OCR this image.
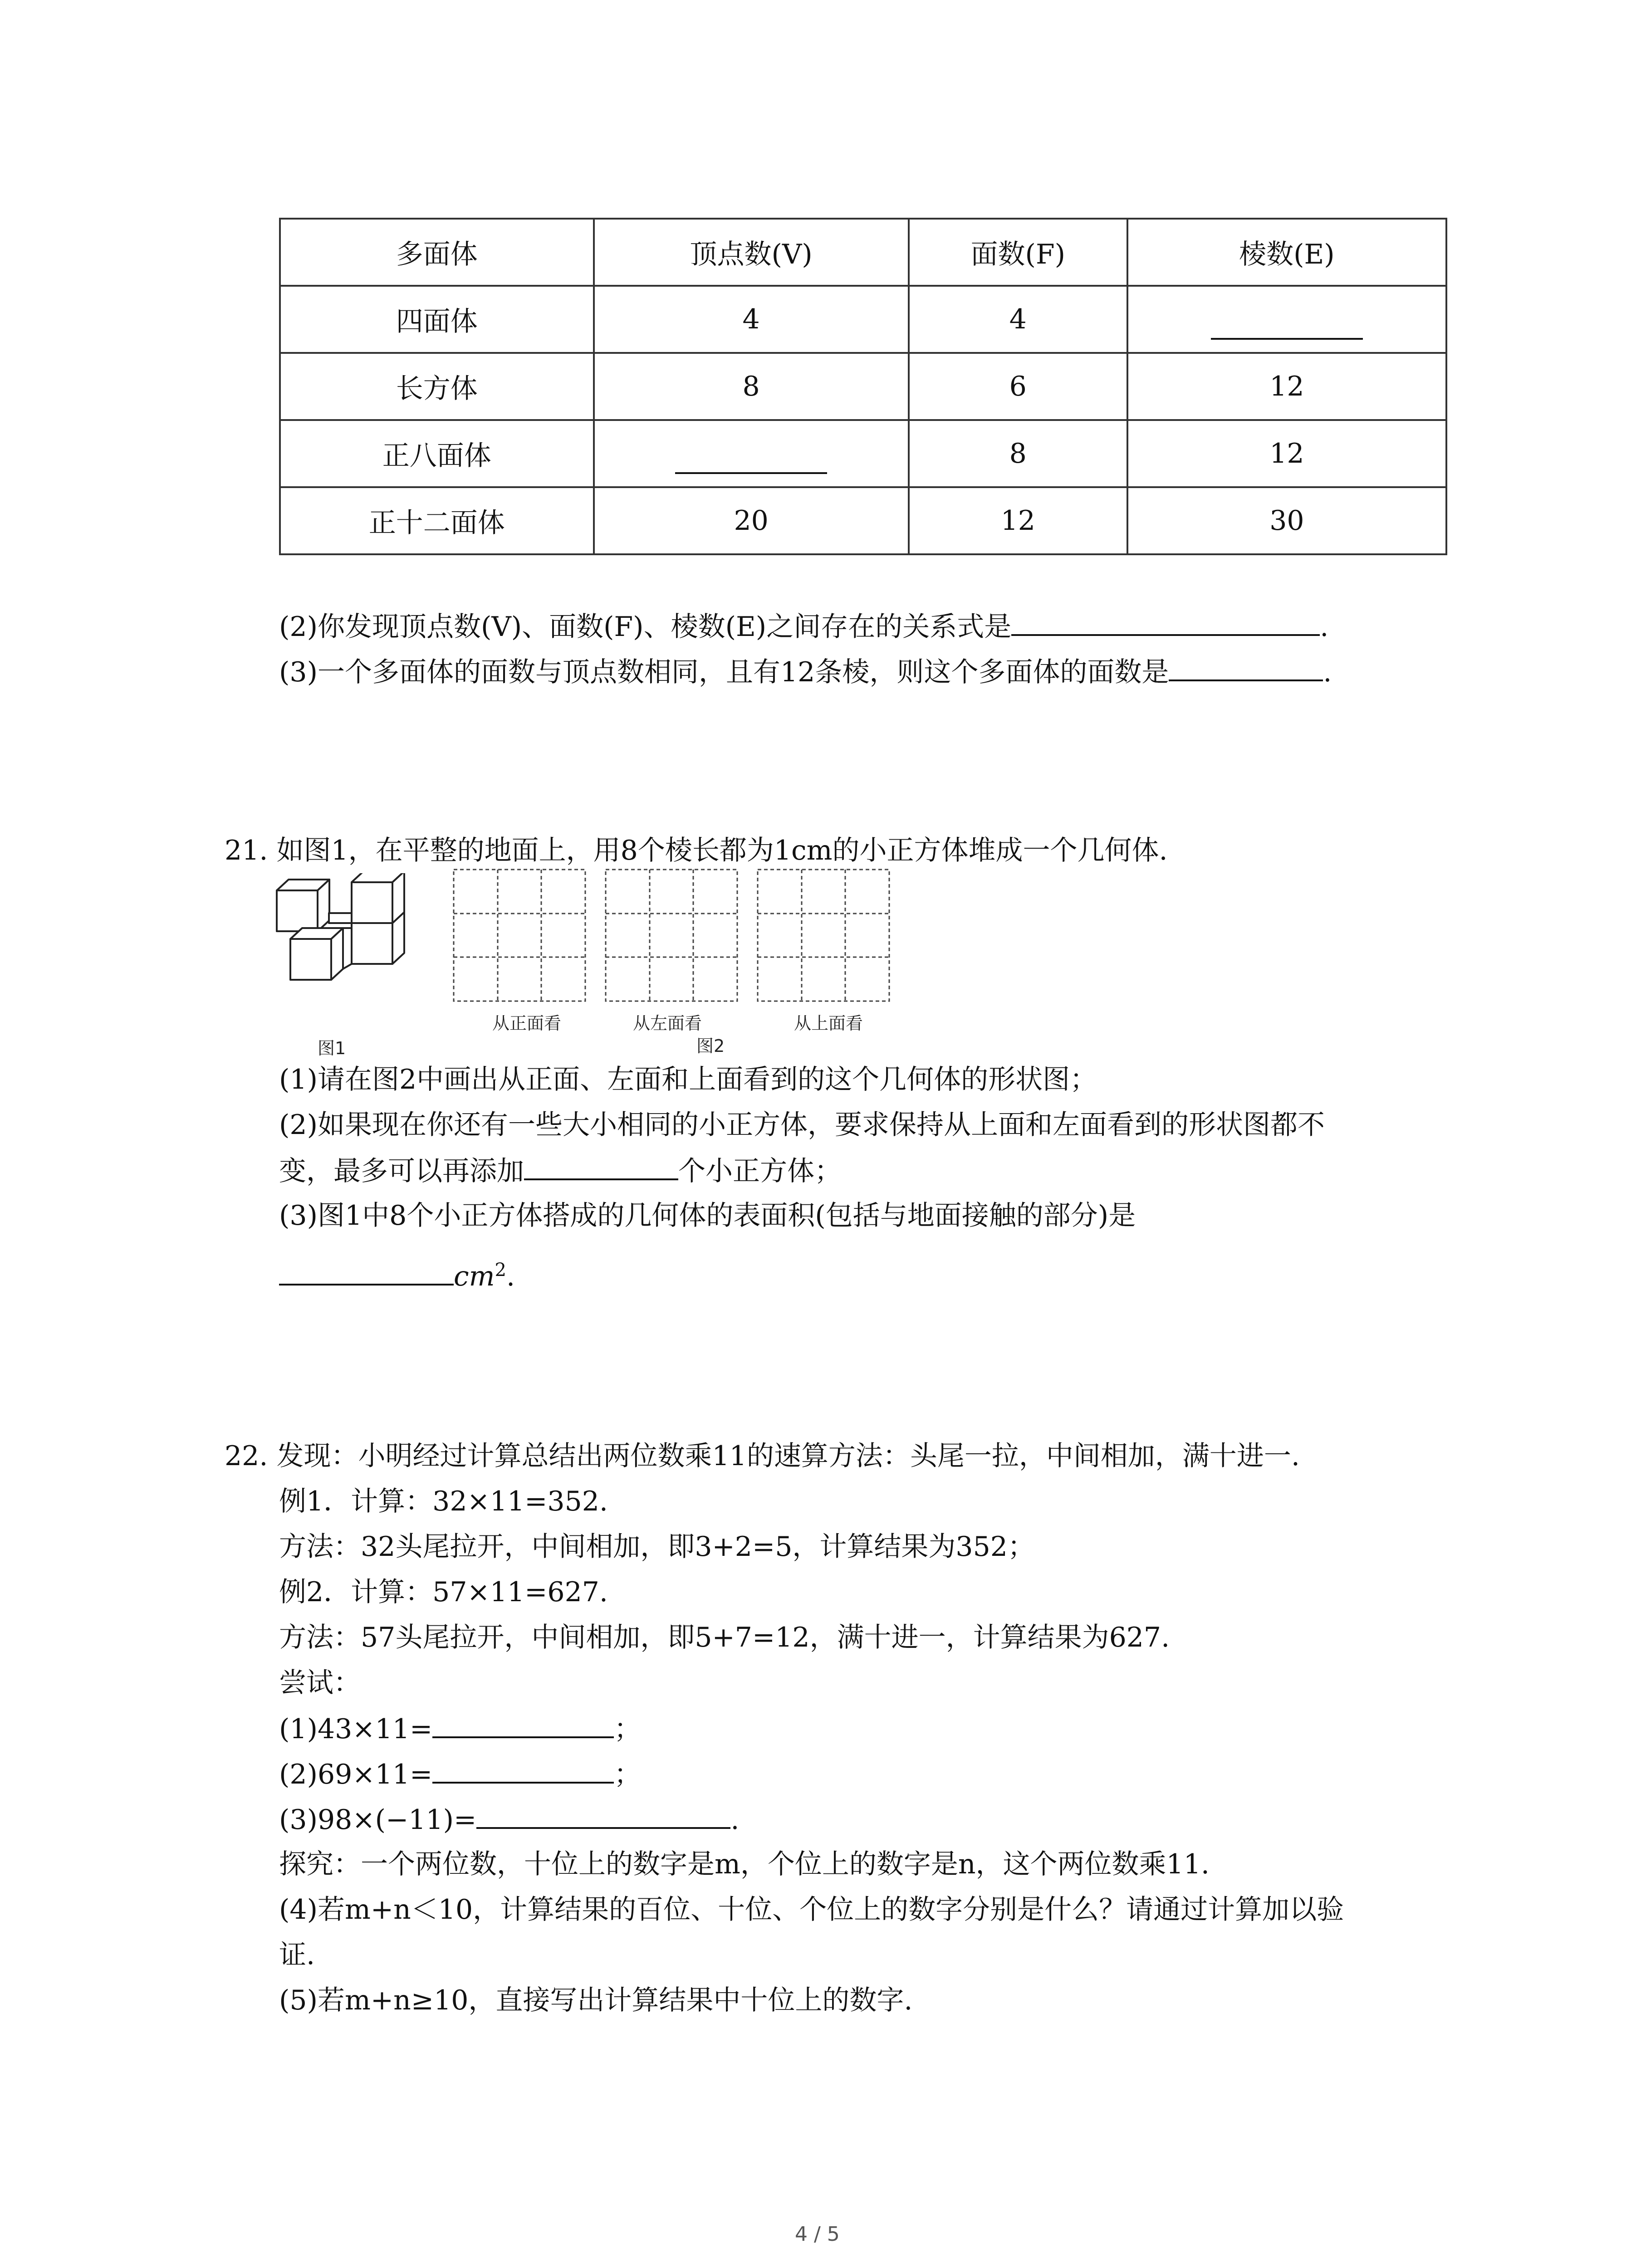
多面体	顶点数(V)	面数(F)	棱数(E)
四面体	4	4	
长方体	8	6	12
正八面体		8	12
正十二面体	20	12	30
(2)你发现顶点数(V)、面数(F)、棱数(E)之间存在的关系式是	.
(3)一个多面体的面数与顶点数相同，且有12条棱，则这个多面体的面数是	.
21. 如图1，在平整的地面上，用8个棱长都为1cm的小正方体堆成一个几何体.
图1
从正面看	从左面看	从上面看
图2
(1)请在图2中画出从正面、左面和上面看到的这个几何体的形状图；
(2)如果现在你还有一些大小相同的小正方体，要求保持从上面和左面看到的形状图都不
变，最多可以再添加	个小正方体；
(3)图1中8个小正方体搭成的几何体的表面积(包括与地面接触的部分)是
$cm^2$.
22. 发现：小明经过计算总结出两位数乘11的速算方法：头尾一拉，中间相加，满十进一.
例1．计算：32×11=352.
方法：32头尾拉开，中间相加，即3+2=5，计算结果为352；
例2．计算：57×11=627.
方法：57头尾拉开，中间相加，即5+7=12，满十进一，计算结果为627.
尝试：
(1)43×11=	；
(2)69×11=	；
(3)98×(−11)=	.
探究：一个两位数，十位上的数字是m，个位上的数字是n，这个两位数乘11.
(4)若m+n＜10，计算结果的百位、十位、个位上的数字分别是什么？请通过计算加以验
证.
(5)若m+n≥10，直接写出计算结果中十位上的数字.
4 / 5
